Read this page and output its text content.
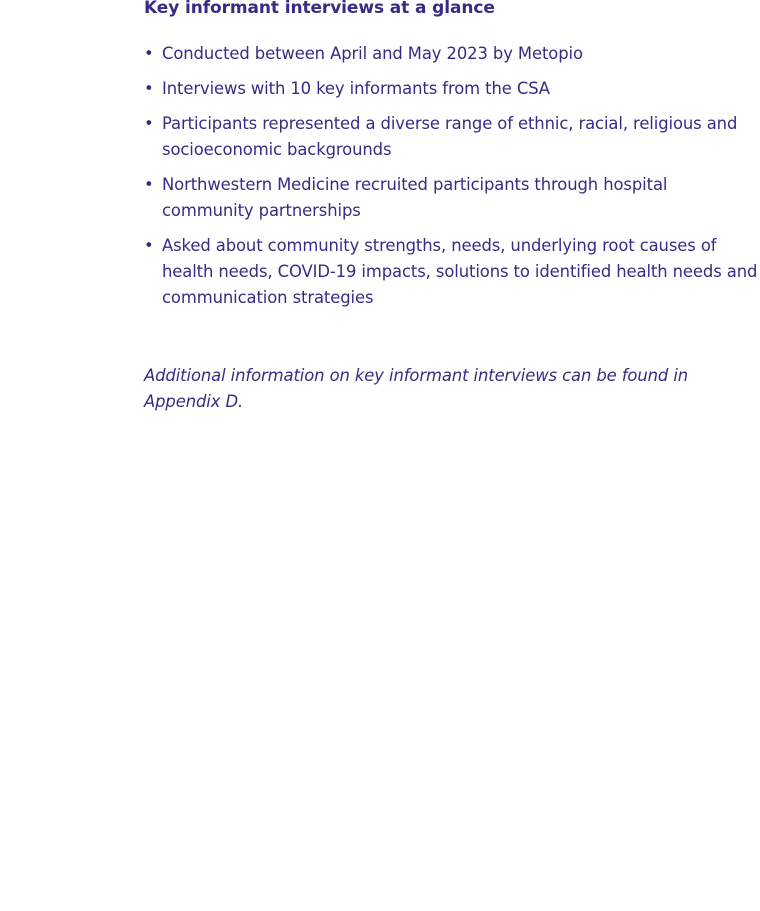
Key informant interviews at a glance
• Conducted between April and May 2023 by Metopio
• Interviews with 10 key informants from the CSA
• Participants represented a diverse range of ethnic, racial, religious and socioeconomic backgrounds
• Northwestern Medicine recruited participants through hospital community partnerships
• Asked about community strengths, needs, underlying root causes of health needs, COVID-19 impacts, solutions to identified health needs and communication strategies

Additional information on key informant interviews can be found in Appendix D.
